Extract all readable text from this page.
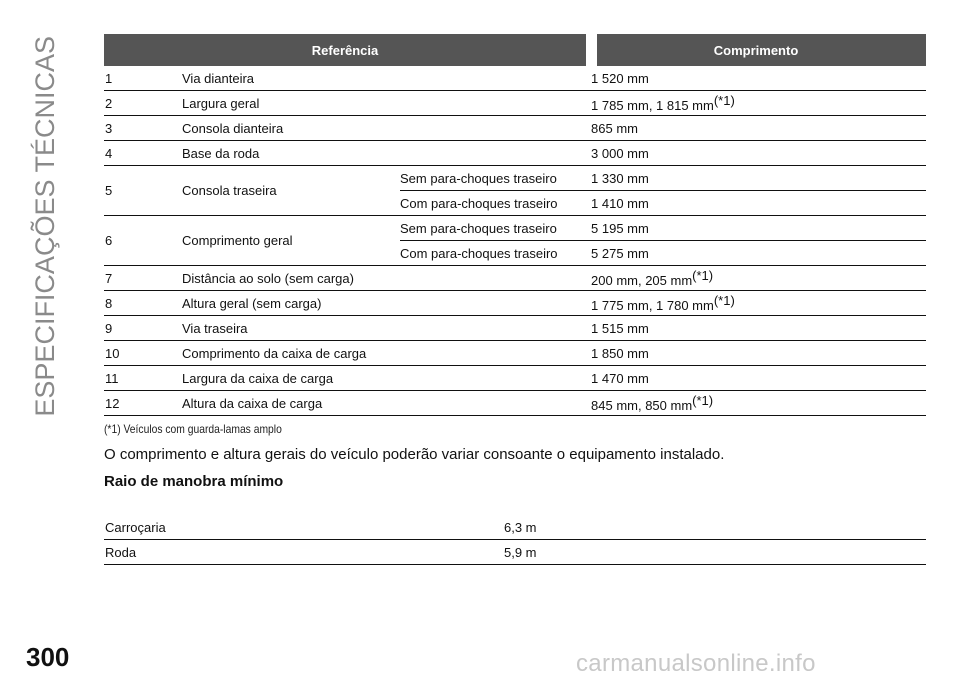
ESPECIFICAÇÕES TÉCNICAS	Referência			Comprimento
1	Via dianteira		1 520 mm
2	Largura geral		1 785 mm, 1 815 mm$^{(*1)}$
3	Consola dianteira		865 mm
4	Base da roda		3 000 mm
5	Consola traseira	Sem para-choques traseiro	1 330 mm
		Com para-choques traseiro	1 410 mm
6	Comprimento geral	Sem para-choques traseiro	5 195 mm
		Com para-choques traseiro	5 275 mm
7	Distância ao solo (sem carga)		200 mm, 205 mm$^{(*1)}$
8	Altura geral (sem carga)		1 775 mm, 1 780 mm$^{(*1)}$
9	Via traseira		1 515 mm
10	Comprimento da caixa de carga		1 850 mm
11	Largura da caixa de carga		1 470 mm
12	Altura da caixa de carga		845 mm, 850 mm$^{(*1)}$
(*1) Veículos com guarda-lamas amplo
O comprimento e altura gerais do veículo poderão variar consoante o equipamento instalado.
Raio de manobra mínimo
Carroçaria	6,3 m
Roda	5,9 m
300	carmanualsonline.info
